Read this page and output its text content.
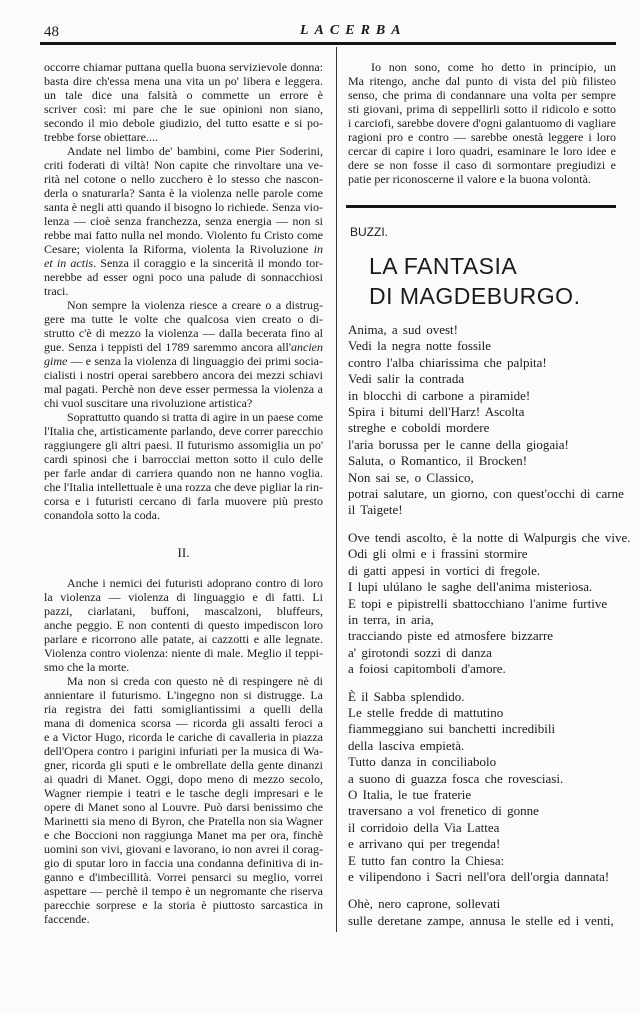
48	LACERBA
occorre chiamar puttana quella buona servizievole donna:
basta dire ch'essa mena una vita un po' libera e leggera.
un tale dice una falsità o commette un errore è
scriver così: mi pare che le sue opinioni non siano,
secondo il mio debole giudizio, del tutto esatte e si po-
trebbe forse obiettare....
Andate nel limbo de' bambini, come Pier Soderini,
criti foderati di viltà! Non capite che rinvoltare una ve-
rità nel cotone o nello zucchero è lo stesso che nascon-
derla o snaturarla? Santa è la violenza nelle parole come
santa è negli atti quando il bisogno lo richiede. Senza vio-
lenza — cioè senza franchezza, senza energia — non si
rebbe mai fatto nulla nel mondo. Violento fu Cristo come
Cesare; violenta la Riforma, violenta la Rivoluzione in
et in actis. Senza il coraggio e la sincerità il mondo tor-
nerebbe ad esser ogni poco una palude di sonnacchiosi
traci.
Non sempre la violenza riesce a creare o a distrug-
gere ma tutte le volte che qualcosa vien creato o di-
strutto c'è di mezzo la violenza — dalla becerata fino al
gue. Senza i teppisti del 1789 saremmo ancora all'ancien
gime — e senza la violenza di linguaggio dei primi socia-
cialisti i nostri operai sarebbero ancora dei mezzi schiavi
mal pagati. Perchè non deve esser permessa la violenza a
chi vuol suscitare una rivoluzione artistica?
Soprattutto quando si tratta di agire in un paese come
l'Italia che, artisticamente parlando, deve correr parecchio
raggiungere gli altri paesi. Il futurismo assomiglia un po'
cardi spinosi che i barrocciai metton sotto il culo delle
per farle andar di carriera quando non ne hanno voglia.
che l'Italia intellettuale è una rozza che deve pigliar la rin-
corsa e i futuristi cercano di farla muovere più presto
conandola sotto la coda.
II.
Anche i nemici dei futuristi adoprano contro di loro
la violenza — violenza di linguaggio e di fatti. Li
pazzi, ciarlatani, buffoni, mascalzoni, bluffeurs,
anche peggio. E non contenti di questo impediscon loro
parlare e ricorrono alle patate, ai cazzotti e alle legnate.
Violenza contro violenza: niente di male. Meglio il teppi-
smo che la morte.
Ma non si creda con questo nè di respingere nè di
annientare il futurismo. L'ingegno non si distrugge. La
ria registra dei fatti somigliantissimi a quelli della
mana di domenica scorsa — ricorda gli assalti feroci a
e a Victor Hugo, ricorda le cariche di cavalleria in piazza
dell'Opera contro i parigini infuriati per la musica di Wa-
gner, ricorda gli sputi e le ombrellate della gente dinanzi
ai quadri di Manet. Oggi, dopo meno di mezzo secolo,
Wagner riempie i teatri e le tasche degli impresari e le
opere di Manet sono al Louvre. Può darsi benissimo che
Marinetti sia meno di Byron, che Pratella non sia Wagner
e che Boccioni non raggiunga Manet ma per ora, finchè
uomini son vivi, giovani e lavorano, io non avrei il corag-
gio di sputar loro in faccia una condanna definitiva di in-
ganno e d'imbecillità. Vorrei pensarci su meglio, vorrei
aspettare — perchè il tempo è un negromante che riserva
parecchie sorprese e la storia è piuttosto sarcastica in
faccende.
Io non sono, come ho detto in principio, un
Ma ritengo, anche dal punto di vista del più filisteo
senso, che prima di condannare una volta per sempre
sti giovani, prima di seppellirli sotto il ridicolo e sotto
i carciofi, sarebbe dovere d'ogni galantuomo di vagliare
ragioni pro e contro — sarebbe onestà leggere i loro
cercar di capire i loro quadri, esaminare le loro idee e
dere se non fosse il caso di sormontare pregiudizi e
patie per riconoscerne il valore e la buona volontà.
BUZZI.
LA FANTASIA
DI MAGDEBURGO.
Anima, a sud ovest!
Vedi la negra notte fossile
contro l'alba chiarissima che palpita!
Vedi salir la contrada
in blocchi di carbone a piramide!
Spira i bitumi dell'Harz! Ascolta
streghe e coboldi mordere
l'aria borussa per le canne della giogaia!
Saluta, o Romantico, il Brocken!
Non sai se, o Classico,
potrai salutare, un giorno, con quest'occhi di carne
il Taigete!
Ove tendi ascolto, è la notte di Walpurgis che vive.
Odi gli olmi e i frassini stormire
di gatti appesi in vortici di fregole.
I lupi ulúlano le saghe dell'anima misteriosa.
E topi e pipistrelli sbattocchiano l'anime furtive
in terra, in aria,
tracciando piste ed atmosfere bizzarre
a' girotondi sozzi di danza
a foiosi capitomboli d'amore.
È il Sabba splendido.
Le stelle fredde di mattutino
fiammeggiano sui banchetti incredibili
della lasciva empietà.
Tutto danza in conciliabolo
a suono di guazza fosca che rovesciasi.
O Italia, le tue fraterie
traversano a vol frenetico di gonne
il corridoio della Via Lattea
e arrivano qui per tregenda!
E tutto fan contro la Chiesa:
e vilipendono i Sacri nell'ora dell'orgia dannata!
Ohè, nero caprone, sollevati
sulle deretane zampe, annusa le stelle ed i venti,
